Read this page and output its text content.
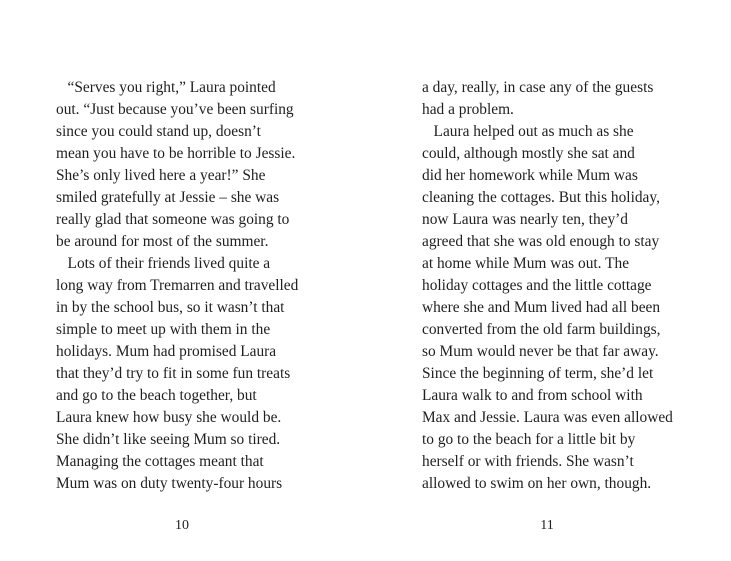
“Serves you right,” Laura pointed
out. “Just because you’ve been surfing
since you could stand up, doesn’t
mean you have to be horrible to Jessie.
She’s only lived here a year!” She
smiled gratefully at Jessie – she was
really glad that someone was going to
be around for most of the summer.
Lots of their friends lived quite a
long way from Tremarren and travelled
in by the school bus, so it wasn’t that
simple to meet up with them in the
holidays. Mum had promised Laura
that they’d try to fit in some fun treats
and go to the beach together, but
Laura knew how busy she would be.
She didn’t like seeing Mum so tired.
Managing the cottages meant that
Mum was on duty twenty-four hours
10
a day, really, in case any of the guests
had a problem.
Laura helped out as much as she
could, although mostly she sat and
did her homework while Mum was
cleaning the cottages. But this holiday,
now Laura was nearly ten, they’d
agreed that she was old enough to stay
at home while Mum was out. The
holiday cottages and the little cottage
where she and Mum lived had all been
converted from the old farm buildings,
so Mum would never be that far away.
Since the beginning of term, she’d let
Laura walk to and from school with
Max and Jessie. Laura was even allowed
to go to the beach for a little bit by
herself or with friends. She wasn’t
allowed to swim on her own, though.
11
